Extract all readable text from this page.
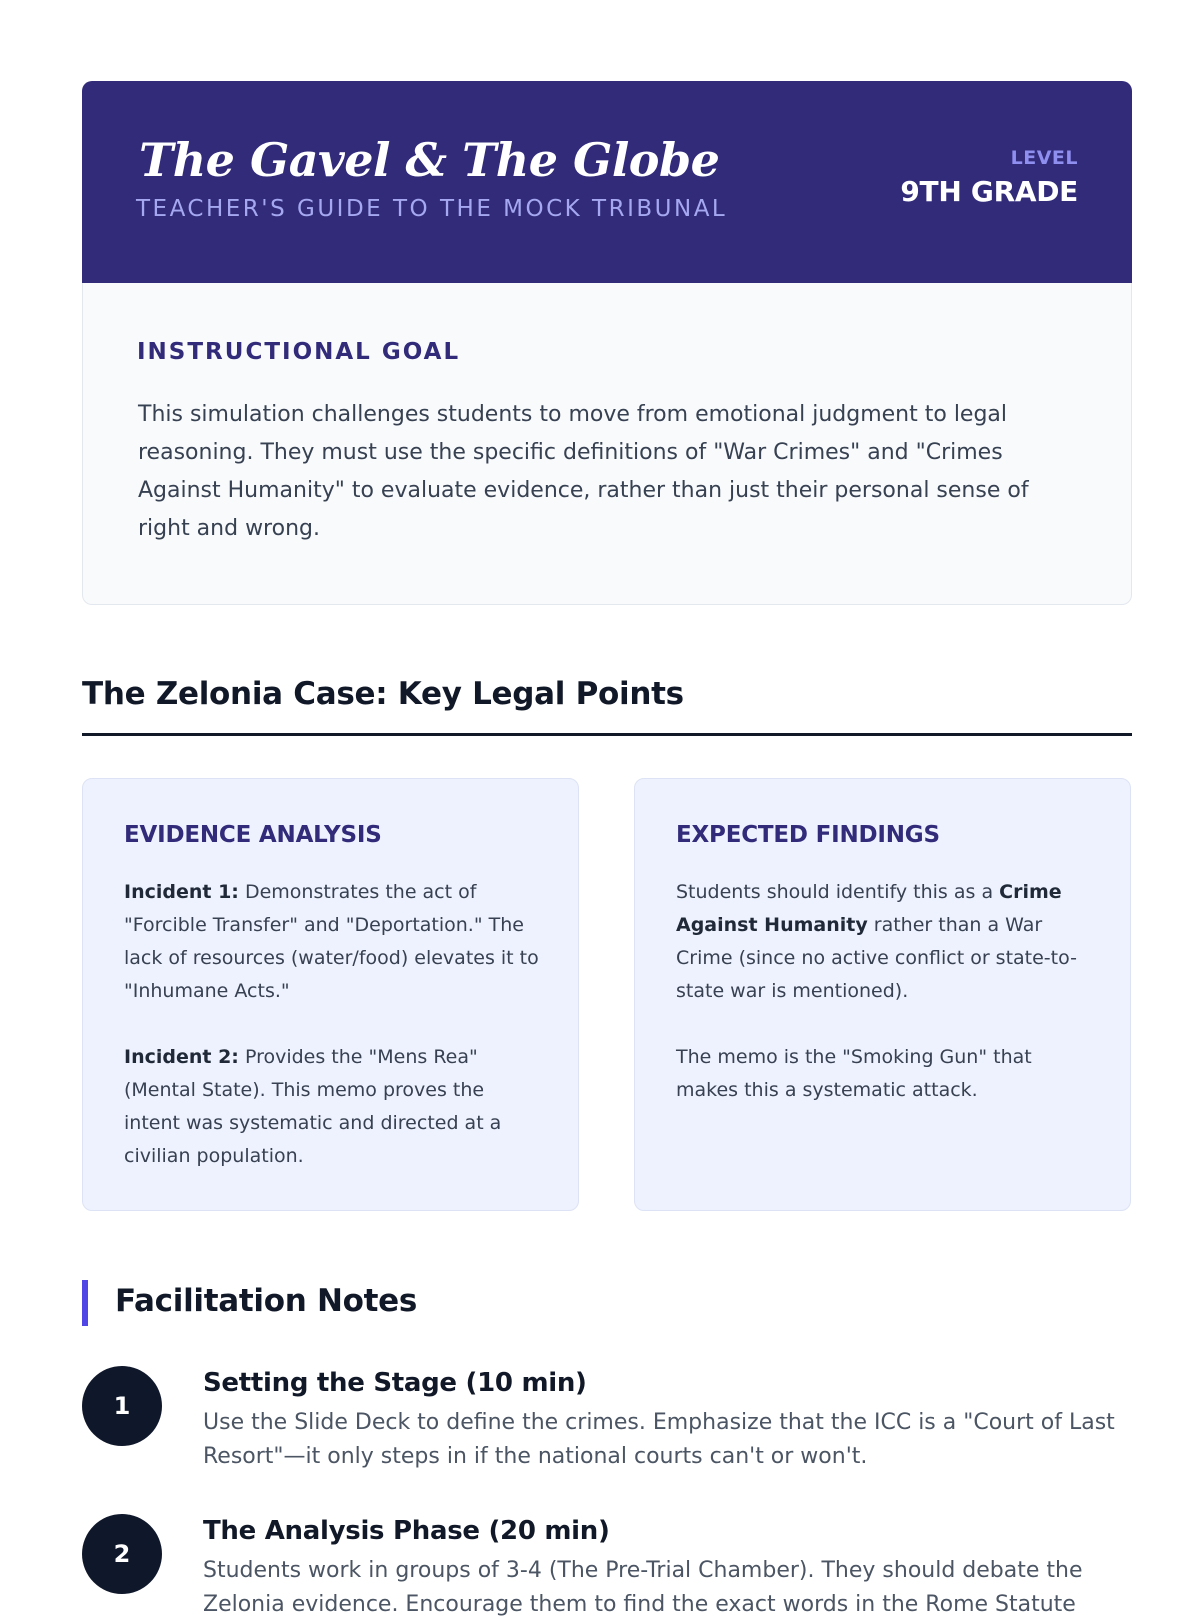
The Gavel & The Globe
TEACHER'S GUIDE TO THE MOCK TRIBUNAL
LEVEL
9TH GRADE
INSTRUCTIONAL GOAL

This simulation challenges students to move from emotional judgment to legal reasoning. They must use the specific definitions of "War Crimes" and "Crimes Against Humanity" to evaluate evidence, rather than just their personal sense of right and wrong.

The Zelonia Case: Key Legal Points
EVIDENCE ANALYSIS

Incident 1: Demonstrates the act of "Forcible Transfer" and "Deportation." The lack of resources (water/food) elevates it to "Inhumane Acts."

Incident 2: Provides the "Mens Rea" (Mental State). This memo proves the intent was systematic and directed at a civilian population.

EXPECTED FINDINGS

Students should identify this as a Crime Against Humanity rather than a War Crime (since no active conflict or state-to-state war is mentioned).

The memo is the "Smoking Gun" that makes this a systematic attack.

Facilitation Notes
1
Setting the Stage (10 min)

Use the Slide Deck to define the crimes. Emphasize that the ICC is a "Court of Last Resort"—it only steps in if the national courts can't or won't.

2
The Analysis Phase (20 min)

Students work in groups of 3-4 (The Pre-Trial Chamber). They should debate the Zelonia evidence. Encourage them to find the exact words in the Rome Statute
